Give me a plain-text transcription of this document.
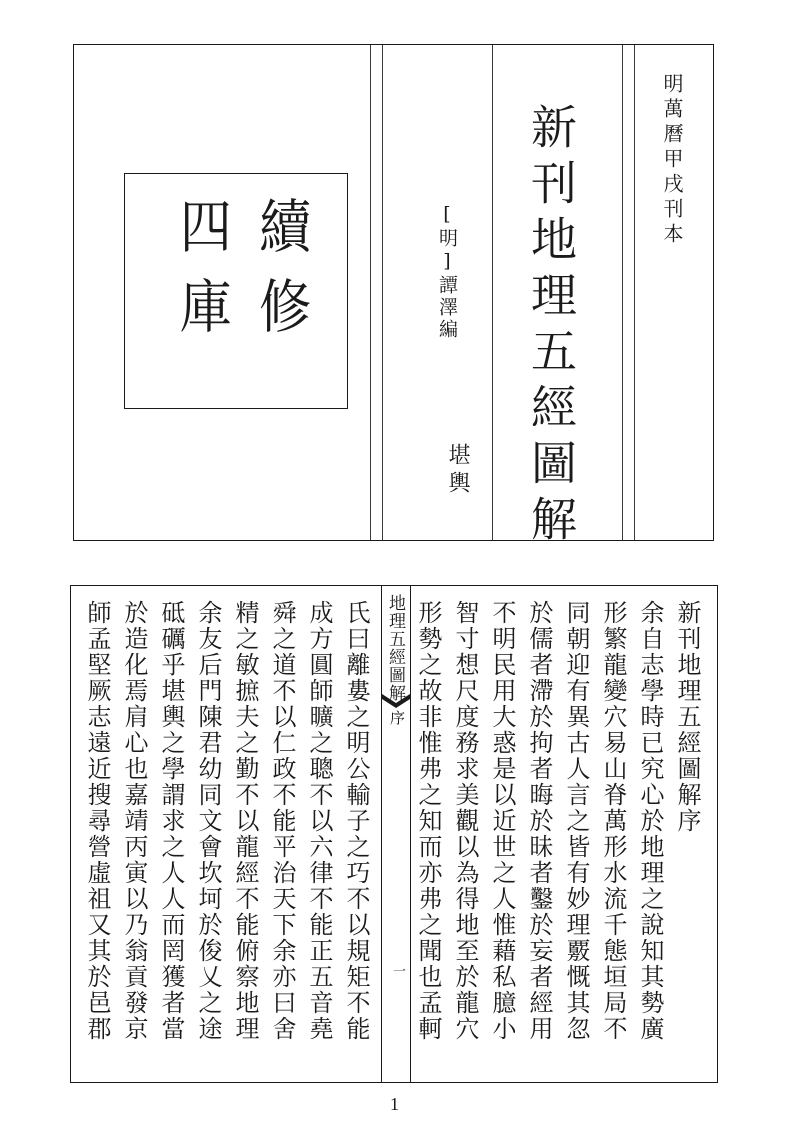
明萬曆甲戌刊本
新刊地理五經圖解
[明]譚澤編
堪輿
續修 四庫
新刊地理五經圖解序
余自志學時已究心於地理之說知其勢廣
形繁龍變穴易山脊萬形水流千態垣局不
同朝迎有異古人言之皆有妙理覈慨其忽
於儒者滯於拘者晦於昧者鑿於妄者經用
不明民用大惑是以近世之人惟藉私臆小
智寸想尺度務求美觀以為得地至於龍穴
形勢之故非惟弗之知而亦弗之聞也孟軻
地理五經圖解
序
一
氏曰離婁之明公輸子之巧不以規矩不能
成方圓師曠之聰不以六律不能正五音堯
舜之道不以仁政不能平治天下余亦曰舍
精之敏摭夫之勤不以龍經不能俯察地理
余友后門陳君幼同文會坎坷於俊乂之途
砥礪乎堪輿之學謂求之人人而罔獲者當
於造化焉肩心也嘉靖丙寅以乃翁貢發京
師孟堅厥志遠近搜尋營虛祖又其於邑郡
1
